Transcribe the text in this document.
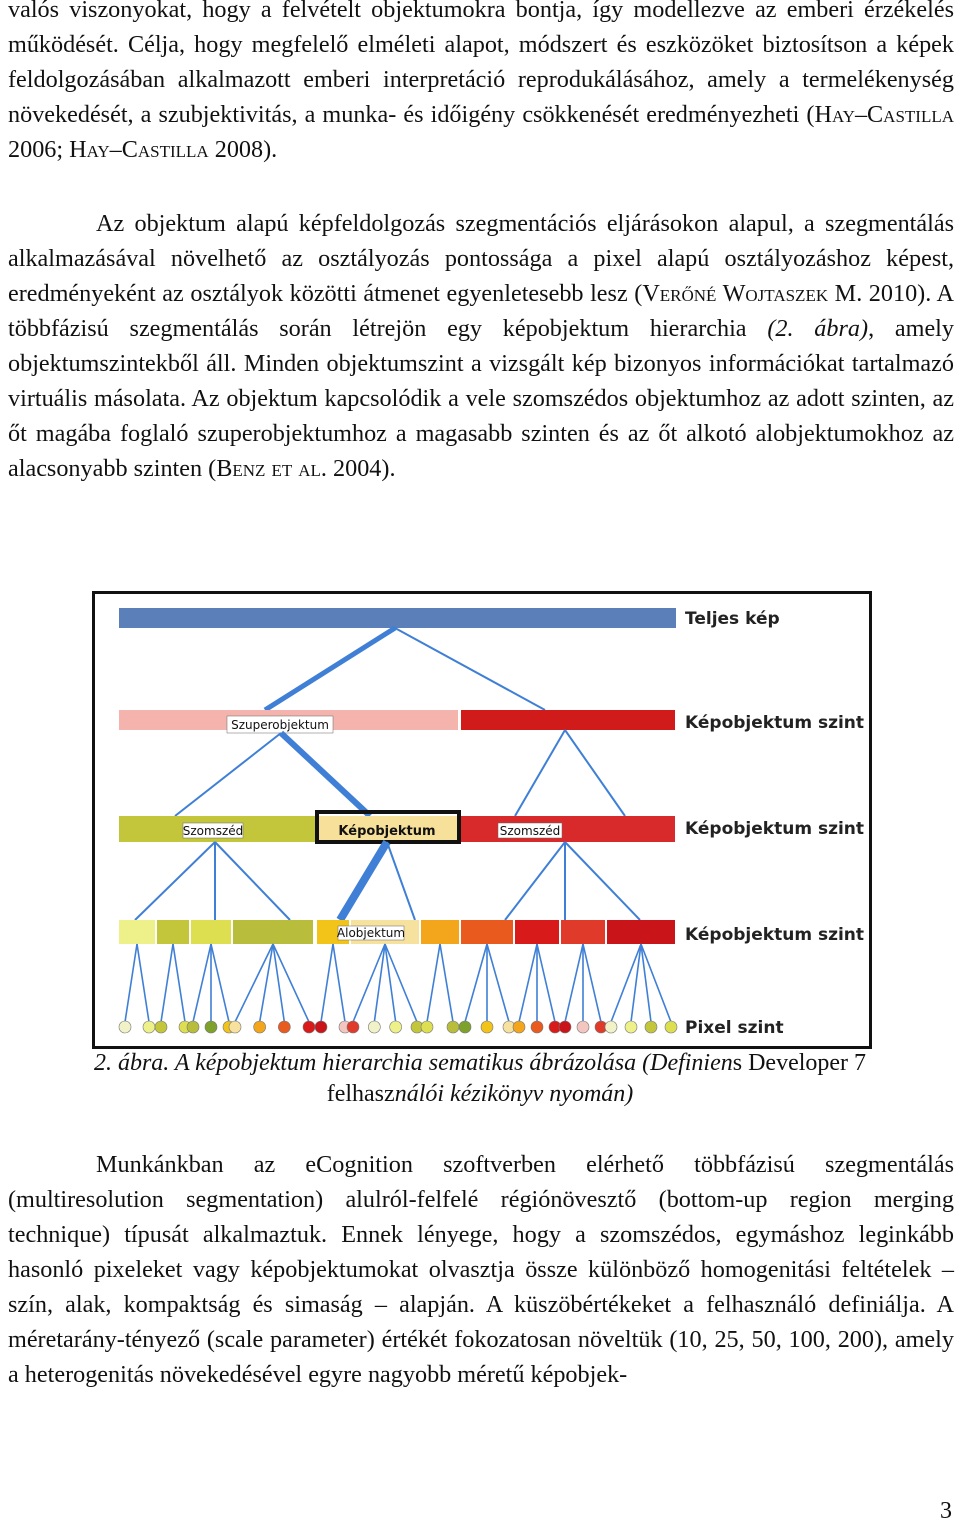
valós viszonyokat, hogy a felvételt objektumokra bontja, így modellezve az emberi érzékelés működését. Célja, hogy megfelelő elméleti alapot, módszert és eszközöket biztosítson a képek feldolgozásában alkalmazott emberi interpretáció reprodukálásához, amely a termelékenység növekedését, a szubjektivitás, a munka- és időigény csökkenését eredményezheti (Hay–Castilla 2006; Hay–Castilla 2008).

Az objektum alapú képfeldolgozás szegmentációs eljárásokon alapul, a szegmentálás alkalmazásával növelhető az osztályozás pontossága a pixel alapú osztályozáshoz képest, eredményeként az osztályok közötti átmenet egyenletesebb lesz (Verőné Wojtaszek M. 2010). A többfázisú szegmentálás során létrejön egy képobjektum hierarchia (2. ábra), amely objektumszintekből áll. Minden objektumszint a vizsgált kép bizonyos információkat tartalmazó virtuális másolata. Az objektum kapcsolódik a vele szomszédos objektumhoz az adott szinten, az őt magába foglaló szuperobjektumhoz a magasabb szinten és az őt alkotó alobjektumokhoz az alacsonyabb szinten (Benz et al. 2004).

Szuperobjektum
Szomszéd	Képobjektum	Szomszéd
Alobjektum
Teljes kép
Képobjektum szint
Képobjektum szint
Képobjektum szint
Pixel szint
2. ábra. A képobjektum hierarchia sematikus ábrázolása (Definiens Developer 7
felhasználói kézikönyv nyomán)

Munkánkban az eCognition szoftverben elérhető többfázisú szegmentálás (multiresolution segmentation) alulról-felfelé régiónövesztő (bottom-up region merging technique) típusát alkalmaztuk. Ennek lényege, hogy a szomszédos, egymáshoz leginkább hasonló pixeleket vagy képobjektumokat olvasztja össze különböző homogenitási feltételek – szín, alak, kompaktság és simaság – alapján. A küszöbértékeket a felhasználó definiálja. A méretarány-tényező (scale parameter) értékét fokozatosan növeltük (10, 25, 50, 100, 200), amely a heterogenitás növekedésével egyre nagyobb méretű képobjek-

3
